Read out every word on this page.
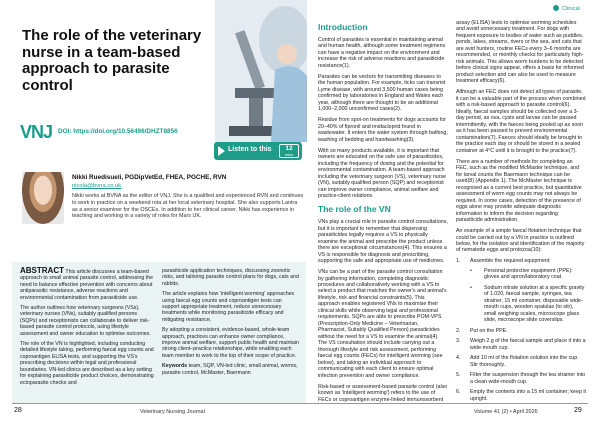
The role of the veterinary nurse in a team-based approach to parasite control
VNJ DOI: https://doi.org/10.56496/DHZT8856
Listen to this	12
mins
Nikki Ruedisueli, PGDipVetEd, FHEA, PGCHE, RVN
nicola@bvna.co.uk
Nikki works at BVNA as the editor of VNJ. She is a qualified and experienced RVN and continues to work in practice on a weekend rota at her local veterinary hospital. She also supports Lantra as a senior examiner for the OSCEs. In addition to her clinical career, Nikki has experience in teaching and working in a variety of roles for Mars UK.

ABSTRACT This article discusses a team-based approach to small animal parasite control, addressing the need to balance effective prevention with concerns about antiparasitic resistance, adverse reactions and environmental contamination from parasiticide use.

The author outlines how veterinary surgeons (VSs), veterinary nurses (VNs), suitably qualified persons (SQPs) and receptionists can collaborate to deliver risk-based parasite control protocols, using lifestyle assessment and owner education to optimise outcomes.

The role of the VN is highlighted, including conducting detailed lifestyle taking, performing faecal egg counts and coproantigen ELISA tests, and supporting the VS's prescribing decisions within legal and professional boundaries. VN-led clinics are described as a key setting for explaining parasiticide product choices, demonstrating ectoparasite checks and

parasiticide application techniques, discussing zoonotic risks, and tailoring parasite control plans for dogs, cats and rabbits.

The article explains how 'intelligent worming' approaches using faecal egg counts and coproantigen tests can support appropriate treatment, reduce unnecessary treatments while monitoring parasiticide efficacy and mitigating resistance.

By adopting a consistent, evidence-based, whole-team approach, practices can enhance owner compliance, improve animal welfare, support public health and maintain strong client–practice relationships, while enabling each team member to work to the top of their scope of practice.

Keywords team, SQP, VN-led clinic, small animal, worms, parasite control, McMaster, Baermann

Introduction

Control of parasites is essential in maintaining animal and human health, although some treatment regimens can have a negative impact on the environment and increase the risk of adverse reactions and parasiticide resistance(1).

Parasites can be vectors for transmitting diseases to the human population. For example, ticks can transmit Lyme disease, with around 3,500 human cases being confirmed by laboratories in England and Wales each year, although there are thought to be an additional 1,000–2,000 unconfirmed cases(2).

Residue from spot-on treatments for dogs accounts for 20–40% of fipronil and imidacloprid found in wastewater. It enters the water system through bathing, washing of bedding and handwashing(3).

With so many products available, it is important that owners are educated on the safe use of parasiticides, including the frequency of dosing and the potential for environmental contamination. A team-based approach including the veterinary surgeon (VS), veterinary nurse (VN), suitably qualified person (SQP) and receptionist can improve owner compliance, animal welfare and practice-client relations.

The role of the VN

VNs play a crucial role in parasite control consultations, but it is important to remember that dispensing parasiticides legally requires a VS to physically examine the animal and prescribe the product unless there are exceptional circumstances(4). This ensures a VS is responsible for diagnosis and prescribing, supporting the safe and appropriate use of medicines.

VNs can be a part of the parasite control consultation by gathering information, completing diagnostic procedures and collaboratively working with a VS to select a product that matches the owner's and animal's lifestyle, risk and financial constraints(5). This approach enables registered VNs to maximise their clinical skills while observing legal and professional requirements. SQPs are able to prescribe POM-VPS (Prescription-Only Medicine – Veterinarian, Pharmacist, Suitably Qualified Person) parasiticides without the need for a VS to examine the animal(4). The VS consultation should include carrying out a thorough lifestyle and risk assessment, performing faecal egg counts (FECs) for intelligent worming (see below), and taking an individual approach to communicating with each client to ensure optimal infection prevention and owner compliance.

Risk-based or assessment-based parasite control (also known as 'intelligent worming') refers to the use of FECs or coproantigen enzyme-linked immunosorbent

Clinical

assay (ELISA) tests to optimise worming schedules and avoid unnecessary treatment. For dogs with frequent exposure to bodies of water such as puddles, ponds, lakes, streams, rivers or the sea, and cats that are avid hunters, routine FECs every 3–6 months are recommended, or monthly checks for particularly high-risk animals. This allows worm burdens to be detected before clinical signs appear, offers a basis for informed product selection and can also be used to measure treatment efficacy(6).

Although an FEC does not detect all types of parasite, it can be a valuable part of the process when combined with a risk-based approach to parasite control(6). Ideally, faecal samples should be collected over a 3-day period, as ova, cysts and larvae can be passed intermittently, with the faeces being pooled up as soon as it has been passed to prevent environmental contamination(7). Faeces should ideally be brought to the practice each day or should be stored in a sealed container at 4°C until it is brought to the practice(7).

There are a number of methods for completing an FEC, such as the modified McMaster technique, and for larval counts the Baermann technique can be used(8) (Appendix 1). The McMaster technique is recognised as a current best practice, but quantitative assessment of worm egg counts may not always be required. In some cases, detection of the presence of eggs alone may provide adequate diagnostic information to inform the decision regarding parasiticide administration.

An example of a simple faecal flotation technique that could be carried out by a VN in practice is outlined below, for the isolation and identification of the majority of nematode eggs and protozoa(10):

1. Assemble the required equipment:
• Personal protective equipment (PPE): gloves and apron/laboratory coat
• Sodium nitrate solution at a specific gravity of 1.020, faecal sample, syringes, tea strainer, 15 ml container, disposable wide-mouth cups, wooden spatulas (to stir), small weighing scales, microscope glass slide, microscope slide coverslips.
2. Put on the PPE.
3. Weigh 2 g of the faecal sample and place it into a wide-mouth cup.
4. Add 10 ml of the flotation solution into the cup. Stir thoroughly.
5. Filter the suspension through the tea strainer into a clean wide-mouth cup.
6. Empty the contents into a 15 ml container; keep it upright.
28	Veterinary Nursing Journal	Volume 41 (2) • April 2026	29
